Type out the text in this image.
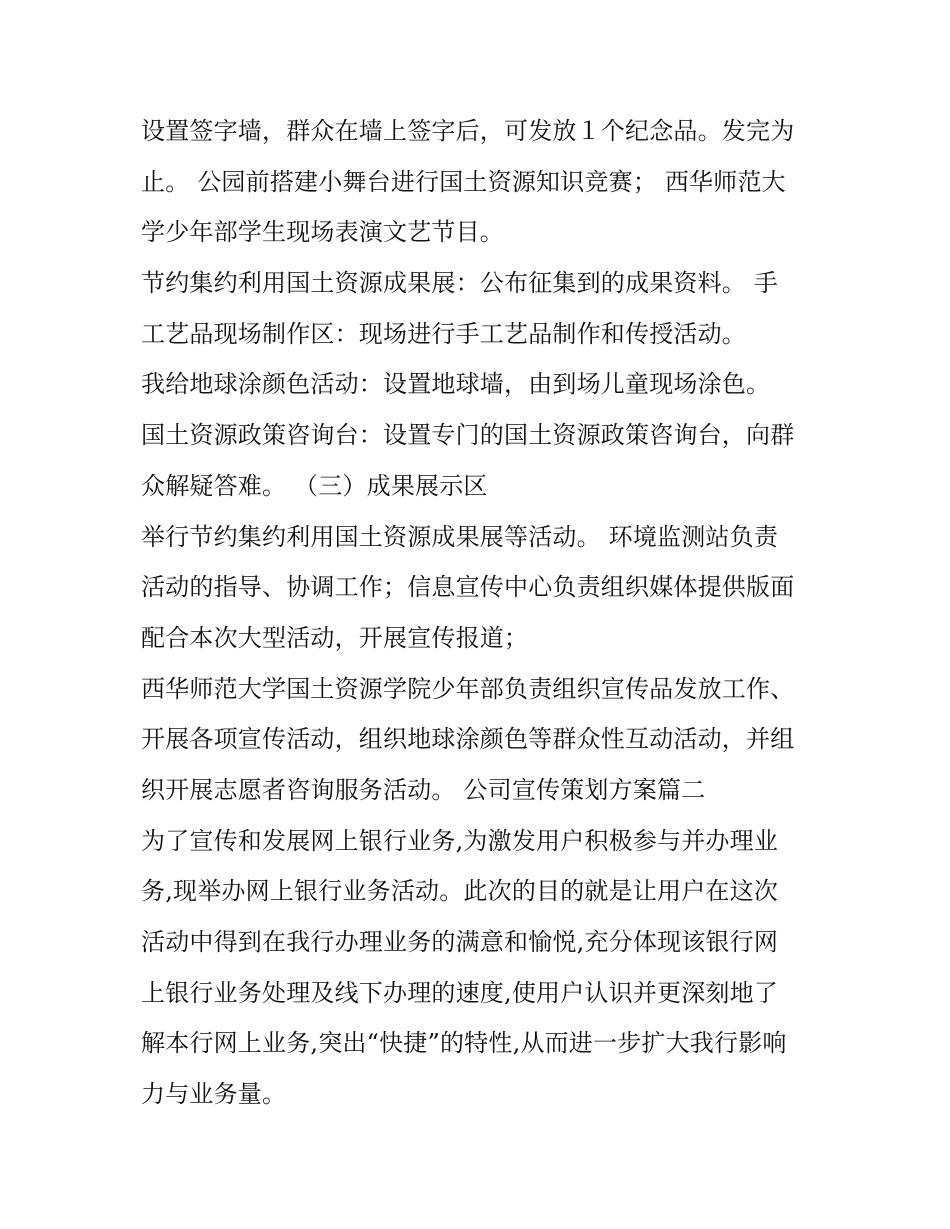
设置签字墙，群众在墙上签字后，可发放１个纪念品。发完为
止。 公园前搭建小舞台进行国土资源知识竞赛； 西华师范大
学少年部学生现场表演文艺节目。
节约集约利用国土资源成果展：公布征集到的成果资料。 手
工艺品现场制作区：现场进行手工艺品制作和传授活动。
我给地球涂颜色活动：设置地球墙，由到场儿童现场涂色。
国土资源政策咨询台：设置专门的国土资源政策咨询台，向群
众解疑答难。 （三）成果展示区
举行节约集约利用国土资源成果展等活动。 环境监测站负责
活动的指导、协调工作；信息宣传中心负责组织媒体提供版面
配合本次大型活动，开展宣传报道；
西华师范大学国土资源学院少年部负责组织宣传品发放工作、
开展各项宣传活动，组织地球涂颜色等群众性互动活动，并组
织开展志愿者咨询服务活动。 公司宣传策划方案篇二
为了宣传和发展网上银行业务,为激发用户积极参与并办理业
务,现举办网上银行业务活动。此次的目的就是让用户在这次
活动中得到在我行办理业务的满意和愉悦,充分体现该银行网
上银行业务处理及线下办理的速度,使用户认识并更深刻地了
解本行网上业务,突出“快捷”的特性,从而进一步扩大我行影响
力与业务量。
